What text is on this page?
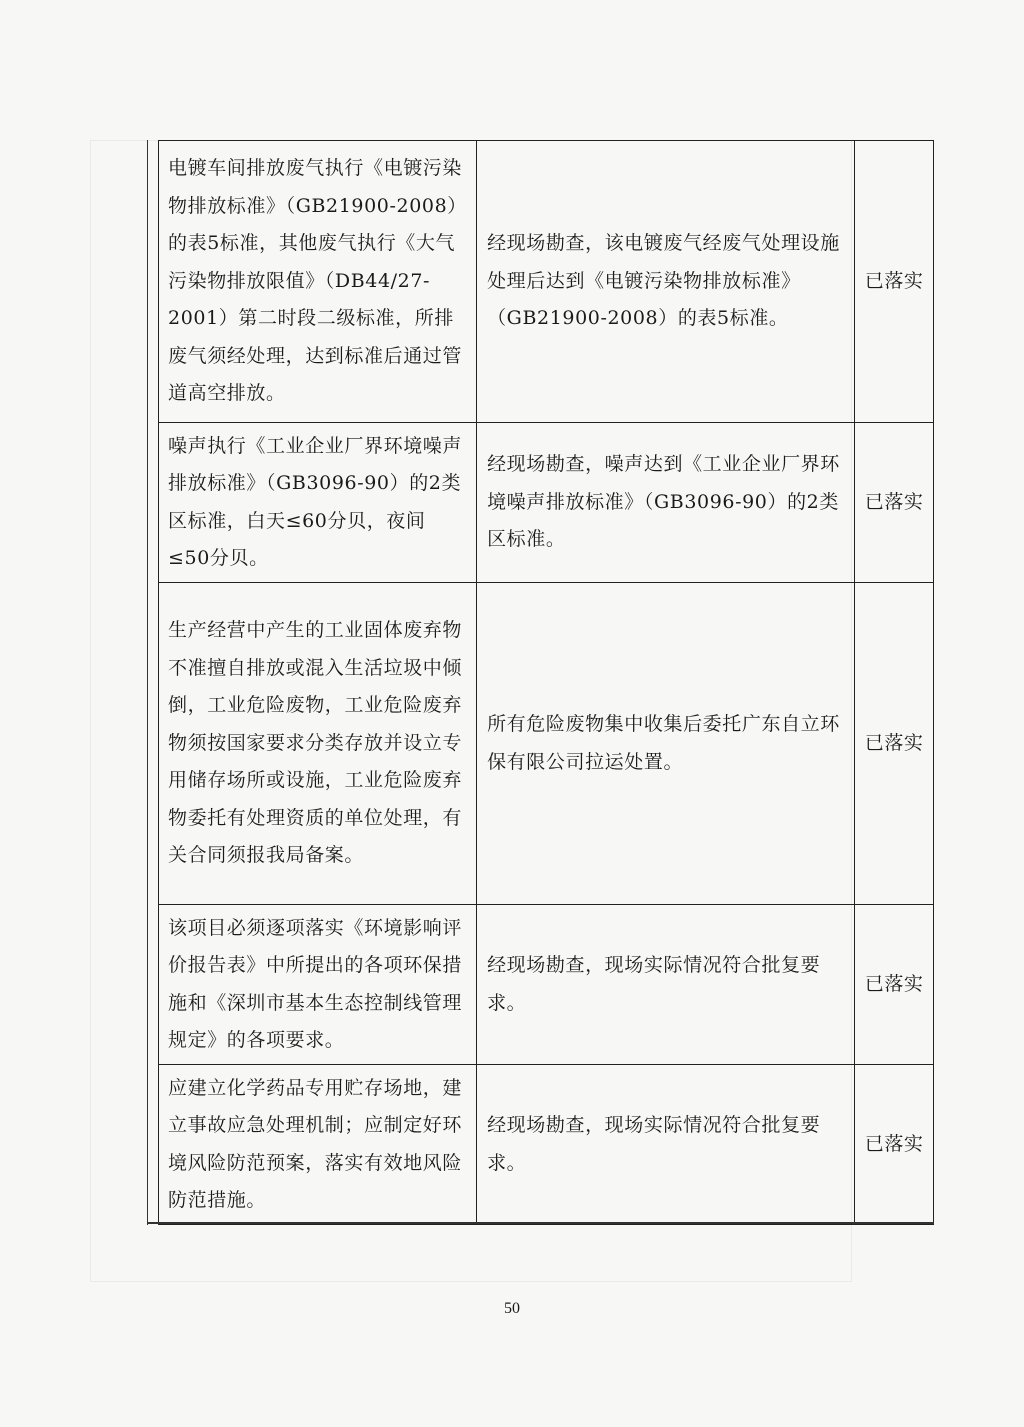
电镀车间排放废气执行《电镀污染物排放标准》（GB21900-2008）的表5标准，其他废气执行《大气污染物排放限值》（DB44/27-2001）第二时段二级标准，所排废气须经处理，达到标准后通过管道高空排放。	经现场勘查，该电镀废气经废气处理设施处理后达到《电镀污染物排放标准》（GB21900-2008）的表5标准。	已落实
噪声执行《工业企业厂界环境噪声排放标准》（GB3096-90）的2类区标准，白天≤60分贝，夜间≤50分贝。	经现场勘查，噪声达到《工业企业厂界环境噪声排放标准》（GB3096-90）的2类区标准。	已落实
生产经营中产生的工业固体废弃物不准擅自排放或混入生活垃圾中倾倒，工业危险废物，工业危险废弃物须按国家要求分类存放并设立专用储存场所或设施，工业危险废弃物委托有处理资质的单位处理，有关合同须报我局备案。	所有危险废物集中收集后委托广东自立环保有限公司拉运处置。	已落实
该项目必须逐项落实《环境影响评价报告表》中所提出的各项环保措施和《深圳市基本生态控制线管理规定》的各项要求。	经现场勘查，现场实际情况符合批复要求。	已落实
应建立化学药品专用贮存场地，建立事故应急处理机制；应制定好环境风险防范预案，落实有效地风险防范措施。	经现场勘查，现场实际情况符合批复要求。	已落实
50
